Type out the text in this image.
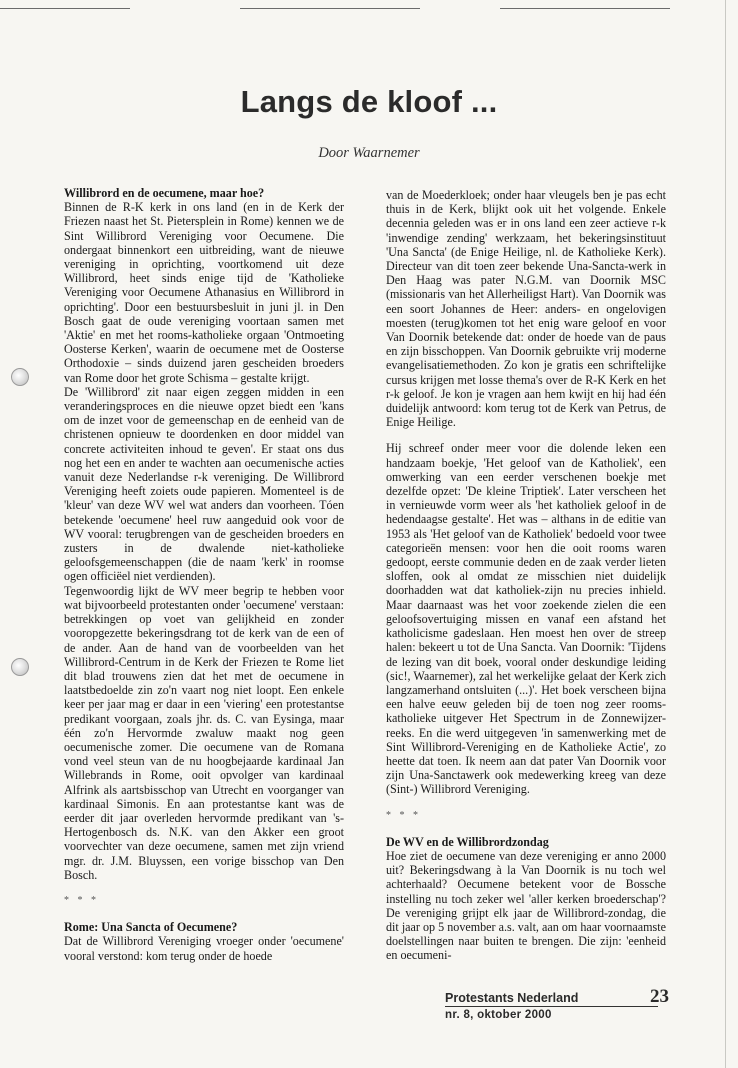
Langs de kloof ...
Door Waarnemer
Willibrord en de oecumene, maar hoe?

Binnen de R-K kerk in ons land (en in de Kerk der Friezen naast het St. Pietersplein in Rome) kennen we de Sint Willibrord Vereniging voor Oecumene. Die ondergaat binnenkort een uitbreiding, want de nieuwe vereniging in oprichting, voortkomend uit deze Willibrord, heet sinds enige tijd de 'Katholieke Vereniging voor Oecumene Athanasius en Willibrord in oprichting'. Door een bestuursbesluit in juni jl. in Den Bosch gaat de oude vereniging voortaan samen met 'Aktie' en met het rooms-katholieke orgaan 'Ontmoeting Oosterse Kerken', waarin de oecumene met de Oosterse Orthodoxie – sinds duizend jaren gescheiden broeders van Rome door het grote Schisma – gestalte krijgt.

De 'Willibrord' zit naar eigen zeggen midden in een veranderingsproces en die nieuwe opzet biedt een 'kans om de inzet voor de gemeenschap en de eenheid van de christenen opnieuw te doordenken en door middel van concrete activiteiten inhoud te geven'. Er staat ons dus nog het een en ander te wachten aan oecumenische acties vanuit deze Nederlandse r-k vereniging. De Willibrord Vereniging heeft zoiets oude papieren. Momenteel is de 'kleur' van deze WV wel wat anders dan voorheen. Tóen betekende 'oecumene' heel ruw aangeduid ook voor de WV vooral: terugbrengen van de gescheiden broeders en zusters in de dwalende niet-katholieke geloofsgemeenschappen (die de naam 'kerk' in roomse ogen officiëel niet verdienden).

Tegenwoordig lijkt de WV meer begrip te hebben voor wat bijvoorbeeld protestanten onder 'oecumene' verstaan: betrekkingen op voet van gelijkheid en zonder vooropgezette bekeringsdrang tot de kerk van de een of de ander. Aan de hand van de voorbeelden van het Willibrord-Centrum in de Kerk der Friezen te Rome liet dit blad trouwens zien dat het met de oecumene in laatstbedoelde zin zo'n vaart nog niet loopt. Een enkele keer per jaar mag er daar in een 'viering' een protestantse predikant voorgaan, zoals jhr. ds. C. van Eysinga, maar één zo'n Hervormde zwaluw maakt nog geen oecumenische zomer. Die oecumene van de Romana vond veel steun van de nu hoogbejaarde kardinaal Jan Willebrands in Rome, ooit opvolger van kardinaal Alfrink als aartsbisschop van Utrecht en voorganger van kardinaal Simonis. En aan protestantse kant was de eerder dit jaar overleden hervormde predikant van 's-Hertogenbosch ds. N.K. van den Akker een groot voorvechter van deze oecumene, samen met zijn vriend mgr. dr. J.M. Bluyssen, een vorige bisschop van Den Bosch.

* * *
Rome: Una Sancta of Oecumene?

Dat de Willibrord Vereniging vroeger onder 'oecumene' vooral verstond: kom terug onder de hoede

van de Moederkloek; onder haar vleugels ben je pas echt thuis in de Kerk, blijkt ook uit het volgende. Enkele decennia geleden was er in ons land een zeer actieve r-k 'inwendige zending' werkzaam, het bekeringsinstituut 'Una Sancta' (de Enige Heilige, nl. de Katholieke Kerk). Directeur van dit toen zeer bekende Una-Sancta-werk in Den Haag was pater N.G.M. van Doornik MSC (missionaris van het Allerheiligst Hart). Van Doornik was een soort Johannes de Heer: anders- en ongelovigen moesten (terug)komen tot het enig ware geloof en voor Van Doornik betekende dat: onder de hoede van de paus en zijn bisschoppen. Van Doornik gebruikte vrij moderne evangelisatiemethoden. Zo kon je gratis een schriftelijke cursus krijgen met losse thema's over de R-K Kerk en het r-k geloof. Je kon je vragen aan hem kwijt en hij had één duidelijk antwoord: kom terug tot de Kerk van Petrus, de Enige Heilige.

Hij schreef onder meer voor die dolende leken een handzaam boekje, 'Het geloof van de Katholiek', een omwerking van een eerder verschenen boekje met dezelfde opzet: 'De kleine Triptiek'. Later verscheen het in vernieuwde vorm weer als 'het katholiek geloof in de hedendaagse gestalte'. Het was – althans in de editie van 1953 als 'Het geloof van de Katholiek' bedoeld voor twee categorieën mensen: voor hen die ooit rooms waren gedoopt, eerste communie deden en de zaak verder lieten sloffen, ook al omdat ze misschien niet duidelijk doorhadden wat dat katholiek-zijn nu precies inhield. Maar daarnaast was het voor zoekende zielen die een geloofsovertuiging missen en vanaf een afstand het katholicisme gadeslaan. Hen moest hen over de streep halen: bekeert u tot de Una Sancta. Van Doornik: 'Tijdens de lezing van dit boek, vooral onder deskundige leiding (sic!, Waarnemer), zal het werkelijke gelaat der Kerk zich langzamerhand ontsluiten (...)'. Het boek verscheen bijna een halve eeuw geleden bij de toen nog zeer rooms-katholieke uitgever Het Spectrum in de Zonnewijzer-reeks. En die werd uitgegeven 'in samenwerking met de Sint Willibrord-Vereniging en de Katholieke Actie', zo heette dat toen. Ik neem aan dat pater Van Doornik voor zijn Una-Sanctawerk ook medewerking kreeg van deze (Sint-) Willibrord Vereniging.

* * *
De WV en de Willibrordzondag

Hoe ziet de oecumene van deze vereniging er anno 2000 uit? Bekeringsdwang à la Van Doornik is nu toch wel achterhaald? Oecumene betekent voor de Bossche instelling nu toch zeker wel 'aller kerken broederschap'? De vereniging grijpt elk jaar de Willibrord-zondag, die dit jaar op 5 november a.s. valt, aan om haar voornaamste doelstellingen naar buiten te brengen. Die zijn: 'eenheid en oecumeni-

Protestants Nederland
nr. 8, oktober 2000
23
